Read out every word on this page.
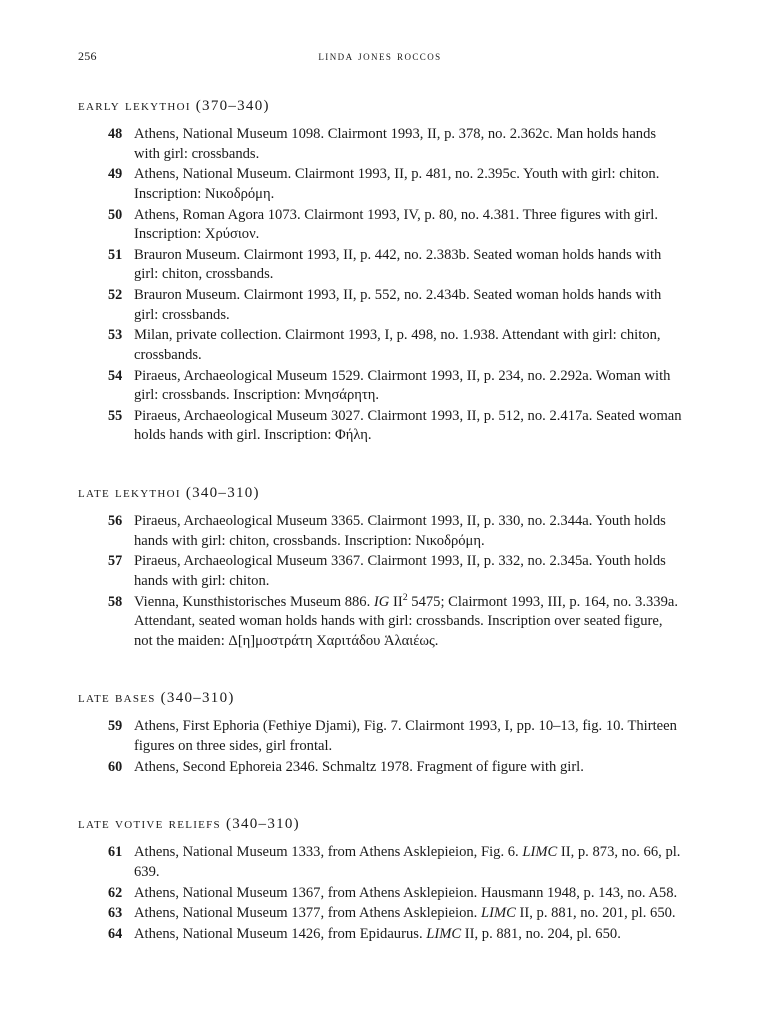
256	linda jones roccos
early lekythoi (370–340)
48 Athens, National Museum 1098. Clairmont 1993, II, p. 378, no. 2.362c. Man holds hands with girl: crossbands.
49 Athens, National Museum. Clairmont 1993, II, p. 481, no. 2.395c. Youth with girl: chiton. Inscription: Νικοδρόμη.
50 Athens, Roman Agora 1073. Clairmont 1993, IV, p. 80, no. 4.381. Three figures with girl. Inscription: Χρύσιον.
51 Brauron Museum. Clairmont 1993, II, p. 442, no. 2.383b. Seated woman holds hands with girl: chiton, crossbands.
52 Brauron Museum. Clairmont 1993, II, p. 552, no. 2.434b. Seated woman holds hands with girl: crossbands.
53 Milan, private collection. Clairmont 1993, I, p. 498, no. 1.938. Attendant with girl: chiton, crossbands.
54 Piraeus, Archaeological Museum 1529. Clairmont 1993, II, p. 234, no. 2.292a. Woman with girl: crossbands. Inscription: Μνησάρητη.
55 Piraeus, Archaeological Museum 3027. Clairmont 1993, II, p. 512, no. 2.417a. Seated woman holds hands with girl. Inscription: Φήλη.
late lekythoi (340–310)
56 Piraeus, Archaeological Museum 3365. Clairmont 1993, II, p. 330, no. 2.344a. Youth holds hands with girl: chiton, crossbands. Inscription: Νικοδρόμη.
57 Piraeus, Archaeological Museum 3367. Clairmont 1993, II, p. 332, no. 2.345a. Youth holds hands with girl: chiton.
58 Vienna, Kunsthistorisches Museum 886. IG $II^2$ 5475; Clairmont 1993, III, p. 164, no. 3.339a. Attendant, seated woman holds hands with girl: crossbands. Inscription over seated figure, not the maiden: Δ[η]μοστράτη Χαριτάδου Ἁλαιέως.
late bases (340–310)
59 Athens, First Ephoria (Fethiye Djami), Fig. 7. Clairmont 1993, I, pp. 10–13, fig. 10. Thirteen figures on three sides, girl frontal.
60 Athens, Second Ephoreia 2346. Schmaltz 1978. Fragment of figure with girl.
late votive reliefs (340–310)
61 Athens, National Museum 1333, from Athens Asklepieion, Fig. 6. LIMC II, p. 873, no. 66, pl. 639.
62 Athens, National Museum 1367, from Athens Asklepieion. Hausmann 1948, p. 143, no. A58.
63 Athens, National Museum 1377, from Athens Asklepieion. LIMC II, p. 881, no. 201, pl. 650.
64 Athens, National Museum 1426, from Epidaurus. LIMC II, p. 881, no. 204, pl. 650.
